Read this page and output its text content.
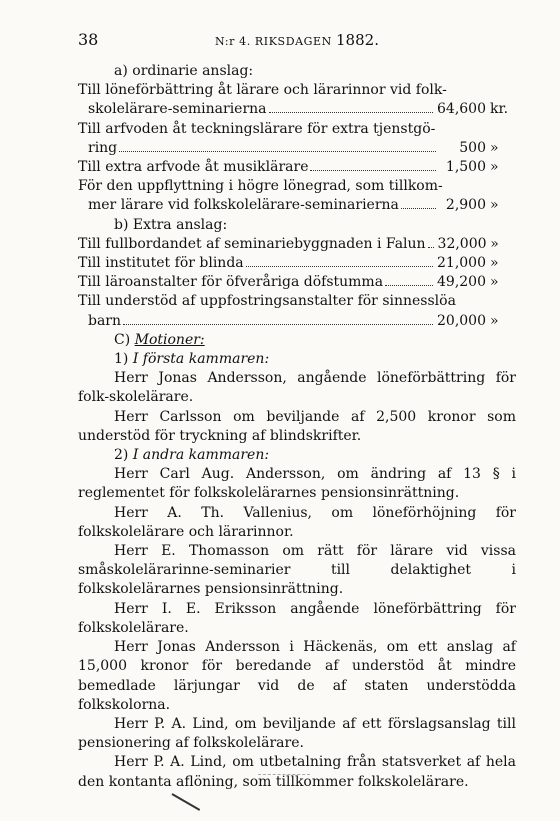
38	N:r 4. RIKSDAGEN 1882.
a) ordinarie anslag:
Till löneförbättring åt lärare och lärarinnor vid folk-
skolelärare-seminarierna	64,600 kr.
Till arfvoden åt teckningslärare för extra tjenstgö-
ring	500 »
Till extra arfvode åt musiklärare	1,500 »
För den uppflyttning i högre lönegrad, som tillkom-
mer lärare vid folkskolelärare-seminarierna	2,900 »
b) Extra anslag:
Till fullbordandet af seminariebyggnaden i Falun 32,000 »
Till institutet för blinda	21,000 »
Till läroanstalter för öfveråriga döfstumma	49,200 »
Till understöd af uppfostringsanstalter för sinnesslöa
barn	20,000 »
C) Motioner:
1) I första kammaren:
Herr Jonas Andersson, angående löneförbättring för folk-skolelärare.
Herr Carlsson om beviljande af 2,500 kronor som understöd för tryckning af blindskrifter.
2) I andra kammaren:
Herr Carl Aug. Andersson, om ändring af 13 § i reglementet för folkskolelärarnes pensionsinrättning.
Herr A. Th. Vallenius, om löneförhöjning för folkskolelärare och lärarinnor.
Herr E. Thomasson om rätt för lärare vid vissa småskolelärarinne-seminarier till delaktighet i folkskolelärarnes pensionsinrättning.
Herr I. E. Eriksson angående löneförbättring för folkskolelärare.
Herr Jonas Andersson i Häckenäs, om ett anslag af 15,000 kronor för beredande af understöd åt mindre bemedlade lärjungar vid de af staten understödda folkskolorna.
Herr P. A. Lind, om beviljande af ett förslagsanslag till pensionering af folkskolelärare.
Herr P. A. Lind, om utbetalning från statsverket af hela den kontanta aflöning, som tillkommer folkskolelärare.
